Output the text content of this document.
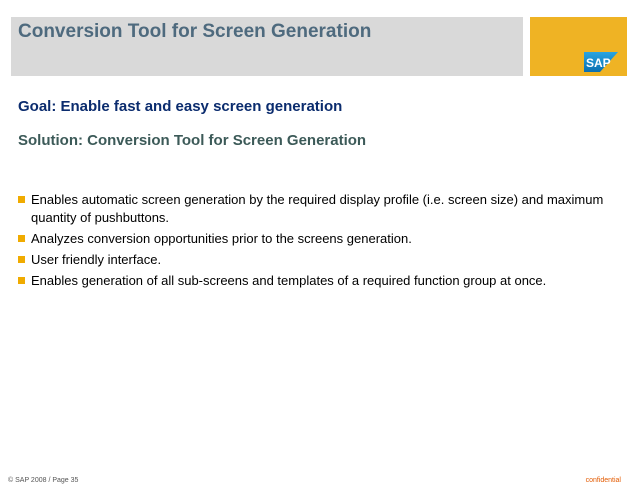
Conversion Tool for Screen Generation
SAP
Goal: Enable fast and easy screen generation
Solution: Conversion Tool for Screen Generation
Enables automatic screen generation by the required display profile (i.e. screen size) and maximum quantity of pushbuttons.
Analyzes conversion opportunities prior to the screens generation.
User friendly interface.
Enables generation of all sub-screens and templates of a required function group at once.
© SAP 2008 / Page 35	confidential
